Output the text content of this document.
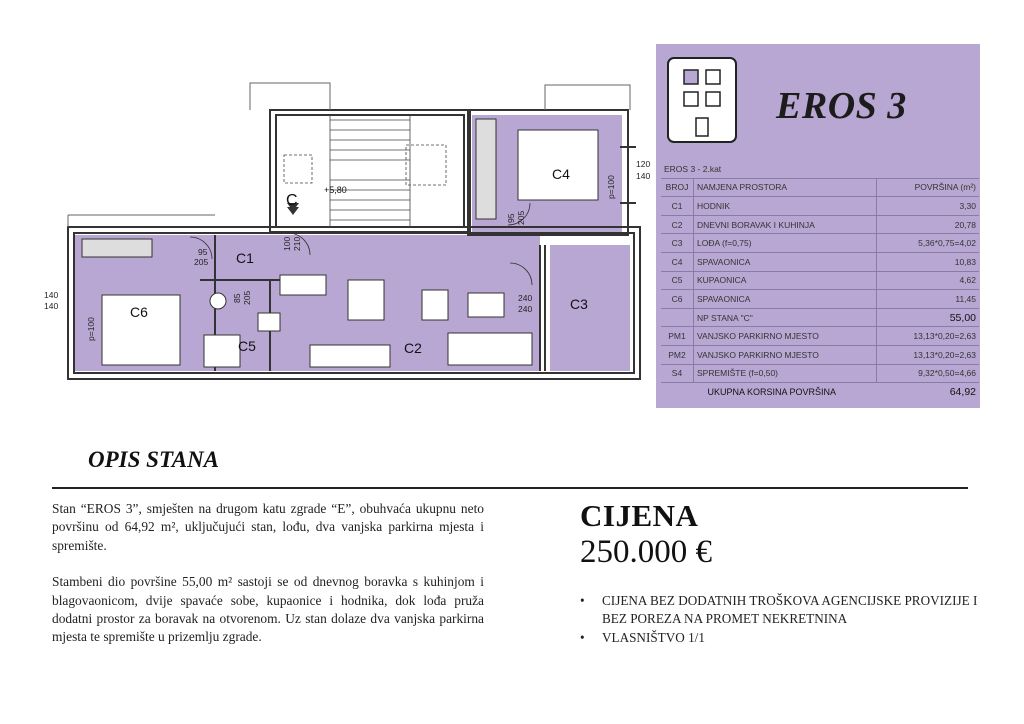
C1
C2
C3
C4
C5
C6
C
+5,80
95
205
120
140
140
140
240
240
95 205
100 210
85 205
p=100
p=100
EROS 3
EROS 3 - 2.kat		
BROJ	NAMJENA PROSTORA	POVRŠINA (m²)
C1	HODNIK	3,30
C2	DNEVNI BORAVAK I KUHINJA	20,78
C3	LOĐA (f=0,75)	5,36*0,75=4,02
C4	SPAVAONICA	10,83
C5	KUPAONICA	4,62
C6	SPAVAONICA	11,45
	NP STANA "C"	55,00
PM1	VANJSKO PARKIRNO MJESTO	13,13*0,20=2,63
PM2	VANJSKO PARKIRNO MJESTO	13,13*0,20=2,63
S4	SPREMIŠTE (f=0,50)	9,32*0,50=4,66
	UKUPNA KORSINA POVRŠINA	64,92
OPIS STANA

Stan “EROS 3”, smješten na drugom katu zgrade “E”, obuhvaća ukupnu neto površinu od 64,92 m², uključujući stan, lođu, dva vanjska parkirna mjesta i spremište.

Stambeni dio površine 55,00 m² sastoji se od dnevnog boravka s kuhinjom i blagovaonicom, dvije spavaće sobe, kupaonice i hodnika, dok lođa pruža dodatni prostor za boravak na otvorenom. Uz stan dolaze dva vanjska parkirna mjesta te spremište u prizemlju zgrade.

CIJENA
250.000 €
• CIJENA BEZ DODATNIH TROŠKOVA AGENCIJSKE PROVIZIJE I BEZ POREZA NA PROMET NEKRETNINA
• VLASNIŠTVO 1/1
